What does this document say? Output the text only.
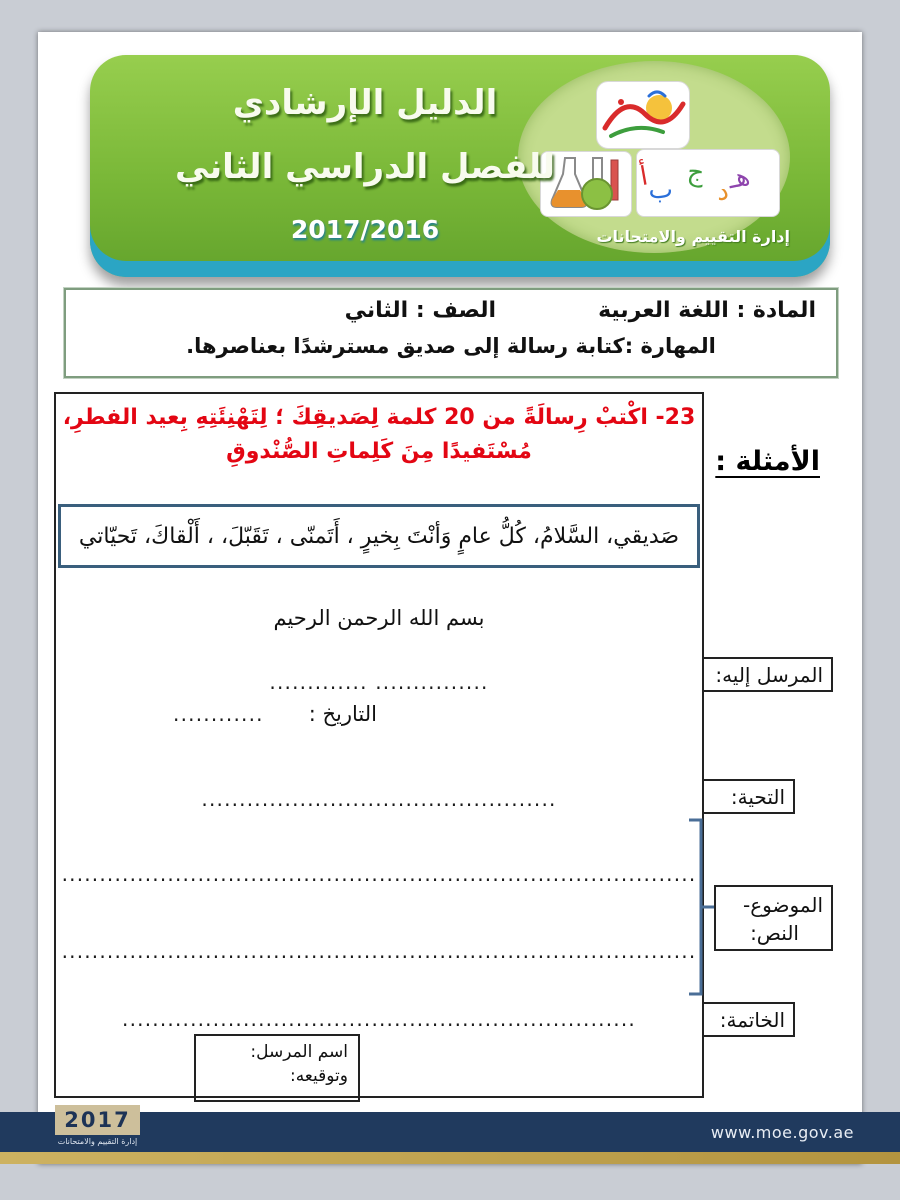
أ
ب
ج
د
هـ
الدليل الإرشادي
للفصل الدراسي الثاني
2017/2016	إدارة التقييم والامتحانات
المادة : اللغة العربية
الصف : الثاني
المهارة :كتابة رسالة إلى صديق مسترشدًا بعناصرها.
الأمثلة :
23- اكْتبْ رِسالَةً من 20 كلمة لِصَديقِكَ ؛ لِتَهْنِئَتِهِ بِعيد الفطرِ،
مُسْتَفيدًا مِنَ كَلِماتِ الصُّنْدوقِ
صَديقي، السَّلامُ، كُلُّ عامٍ وَأنْتَ بِخيرٍ ، أَتَمنّى ، تَقَبّلَ، ، أَلْقاكَ، تَحيّاتي
بسم الله الرحمن الرحيم
............... .............
التاريخ :
............
...............................................
....................................................................................
....................................................................................
....................................................................
اسم المرسل:
وتوقيعه:
المرسل إليه:
التحية:
الموضوع-
النص:
الخاتمة:
2017
إدارة التقييم والامتحانات	www.moe.gov.ae
